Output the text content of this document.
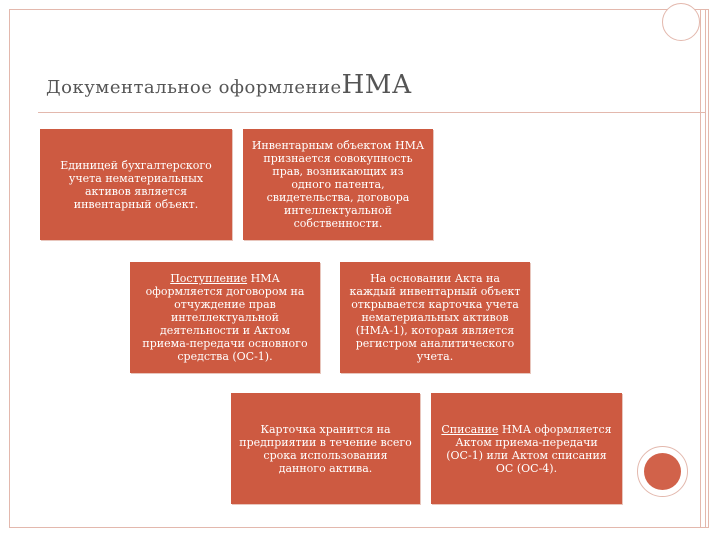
Документальное оформлениеНМА
Единицей бухгалтерского учета нематериальных активов является инвентарный объект.
Инвентарным объектом НМА признается совокупность прав, возникающих из одного патента, свидетельства, договора интеллектуальной собственности.
Поступление НМА оформляется договором на отчуждение прав интеллектуальной деятельности и Актом приема-передачи основного средства (ОС-1).
На основании Акта на каждый инвентарный объект открывается карточка учета нематериальных активов (НМА-1), которая является регистром аналитического учета.
Карточка хранится на предприятии в течение всего срока использования данного актива.
Списание НМА оформляется Актом приема-передачи (ОС-1) или Актом списания ОС (ОС-4).
